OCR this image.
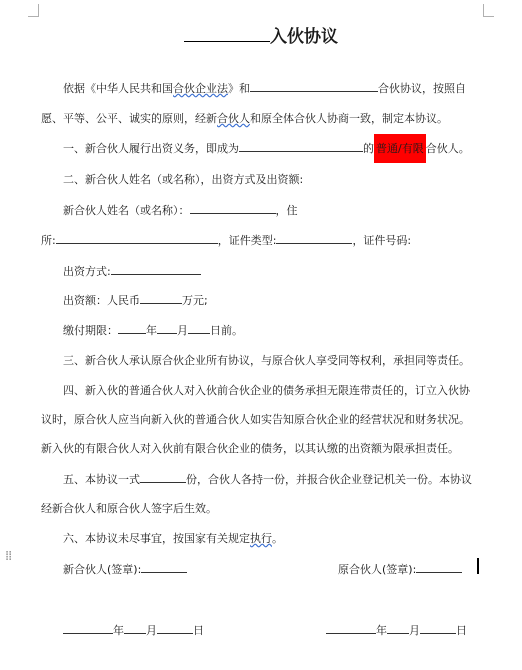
⁞⁞
入伙协议
依据《中华人民共和国合伙企业法》和	合伙协议，按照自
愿、平等、公平、诚实的原则，经新合伙人和原全体合伙人协商一致，制定本协议。
一、新合伙人履行出资义务，即成为	的 普通/有限 合伙人。
二、新合伙人姓名（或名称），出资方式及出资额:
新合伙人姓名（或名称）：	，住
所:	，证件类型:	，证件号码:
出资方式:
出资额：人民币	万元;
缴付期限：	年 月 日前。
三、新合伙人承认原合伙企业所有协议，与原合伙人享受同等权利，承担同等责任。
四、新入伙的普通合伙人对入伙前合伙企业的债务承担无限连带责任的，订立入伙协
议时，原合伙人应当向新入伙的普通合伙人如实告知原合伙企业的经营状况和财务状况。
新入伙的有限合伙人对入伙前有限合伙企业的债务，以其认缴的出资额为限承担责任。
五、本协议一式	份，合伙人各持一份，并报合伙企业登记机关一份。本协议
经新合伙人和原合伙人签字后生效。
六、本协议未尽事宜，按国家有关规定执行。
新合伙人(签章):	原合伙人(签章):
年 月	日	年 月	日
